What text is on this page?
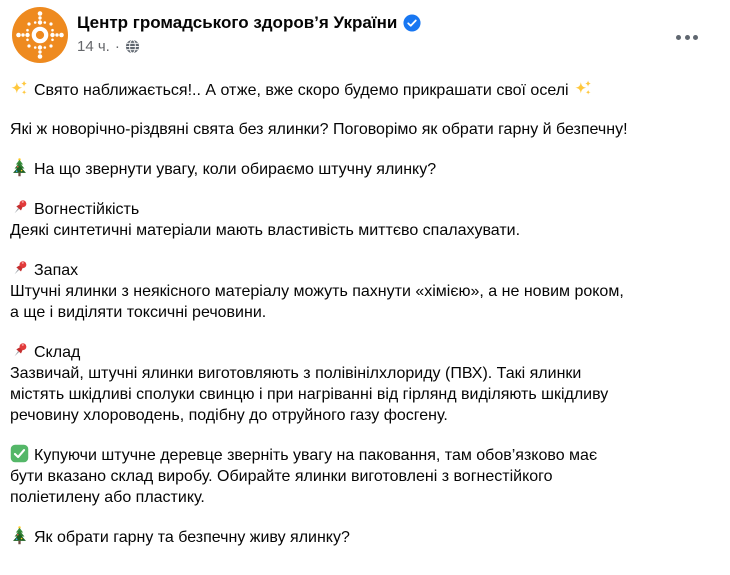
Центр громадського здоров’я України
14 ч. ·
Свято наближається!.. А отже, вже скоро будемо прикрашати свої оселі
Які ж новорічно-різдвяні свята без ялинки? Поговорімо як обрати гарну й безпечну!
На що звернути увагу, коли обираємо штучну ялинку?
Вогнестійкість
Деякі синтетичні матеріали мають властивість миттєво спалахувати.
Запах
Штучні ялинки з неякісного матеріалу можуть пахнути «хімією», а не новим роком, а ще і виділяти токсичні речовини.
Склад
Зазвичай, штучні ялинки виготовляють з полівінілхлориду (ПВХ). Такі ялинки містять шкідливі сполуки свинцю і при нагріванні від гірлянд виділяють шкідливу речовину хлороводень, подібну до отруйного газу фосгену.
Купуючи штучне деревце зверніть увагу на паковання, там обов’язково має бути вказано склад виробу. Обирайте ялинки виготовлені з вогнестійкого поліетилену або пластику.
Як обрати гарну та безпечну живу ялинку?
